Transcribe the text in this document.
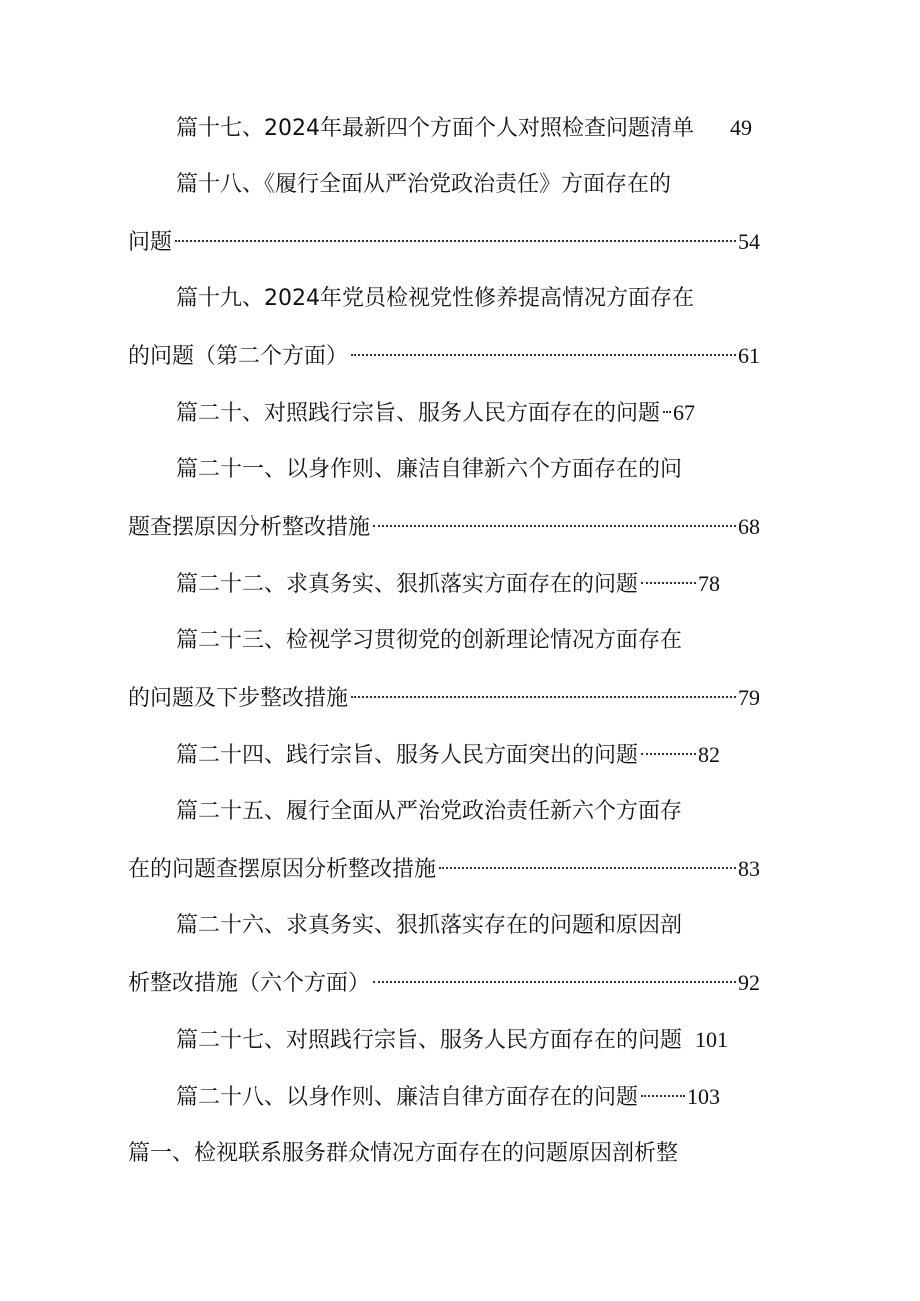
篇十七、2024年最新四个方面个人对照检查问题清单 49
篇十八、《履行全面从严治党政治责任》方面存在的
问题	54
篇十九、2024年党员检视党性修养提高情况方面存在
的问题（第二个方面）	61
篇二十、对照践行宗旨、服务人民方面存在的问题 67
篇二十一、以身作则、廉洁自律新六个方面存在的问
题查摆原因分析整改措施	68
篇二十二、求真务实、狠抓落实方面存在的问题	78
篇二十三、检视学习贯彻党的创新理论情况方面存在
的问题及下步整改措施	79
篇二十四、践行宗旨、服务人民方面突出的问题	82
篇二十五、履行全面从严治党政治责任新六个方面存
在的问题查摆原因分析整改措施	83
篇二十六、求真务实、狠抓落实存在的问题和原因剖
析整改措施（六个方面）	92
篇二十七、对照践行宗旨、服务人民方面存在的问题 101
篇二十八、以身作则、廉洁自律方面存在的问题 103
篇一、检视联系服务群众情况方面存在的问题原因剖析整
